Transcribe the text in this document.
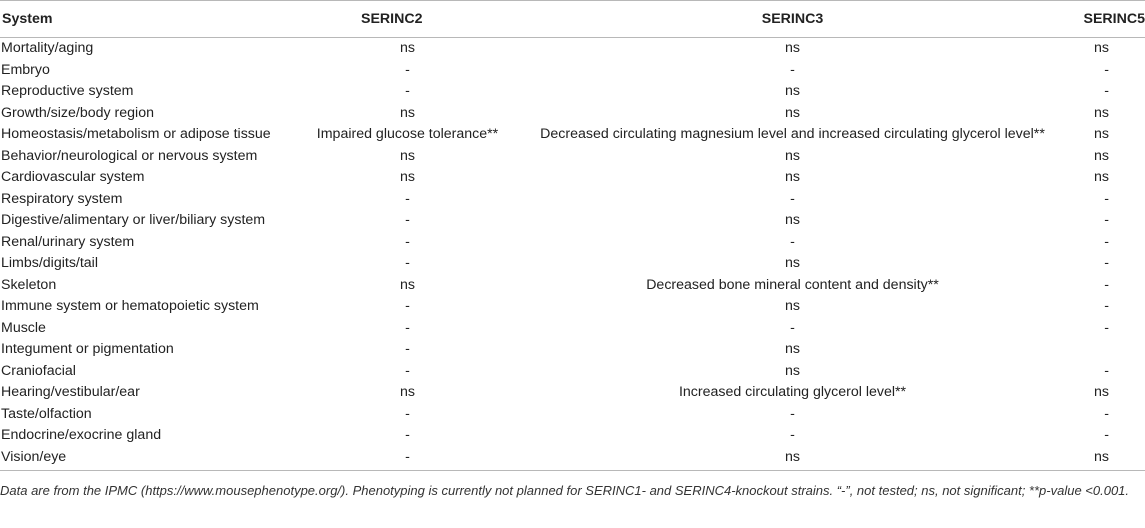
System	SERINC2	SERINC3	SERINC5
Mortality/aging	ns	ns	ns
Embryo	-	-	-
Reproductive system	-	ns	-
Growth/size/body region	ns	ns	ns
Homeostasis/metabolism or adipose tissue	Impaired glucose tolerance**	Decreased circulating magnesium level and increased circulating glycerol level**	ns
Behavior/neurological or nervous system	ns	ns	ns
Cardiovascular system	ns	ns	ns
Respiratory system	-	-	-
Digestive/alimentary or liver/biliary system	-	ns	-
Renal/urinary system	-	-	-
Limbs/digits/tail	-	ns	-
Skeleton	ns	Decreased bone mineral content and density**	-
Immune system or hematopoietic system	-	ns	-
Muscle	-	-	-
Integument or pigmentation	-	ns	
Craniofacial	-	ns	-
Hearing/vestibular/ear	ns	Increased circulating glycerol level**	ns
Taste/olfaction	-	-	-
Endocrine/exocrine gland	-	-	-
Vision/eye	-	ns	ns
Data are from the IPMC (https://www.mousephenotype.org/). Phenotyping is currently not planned for SERINC1- and SERINC4-knockout strains. “-”, not tested; ns, not significant; **p-value <0.001.
